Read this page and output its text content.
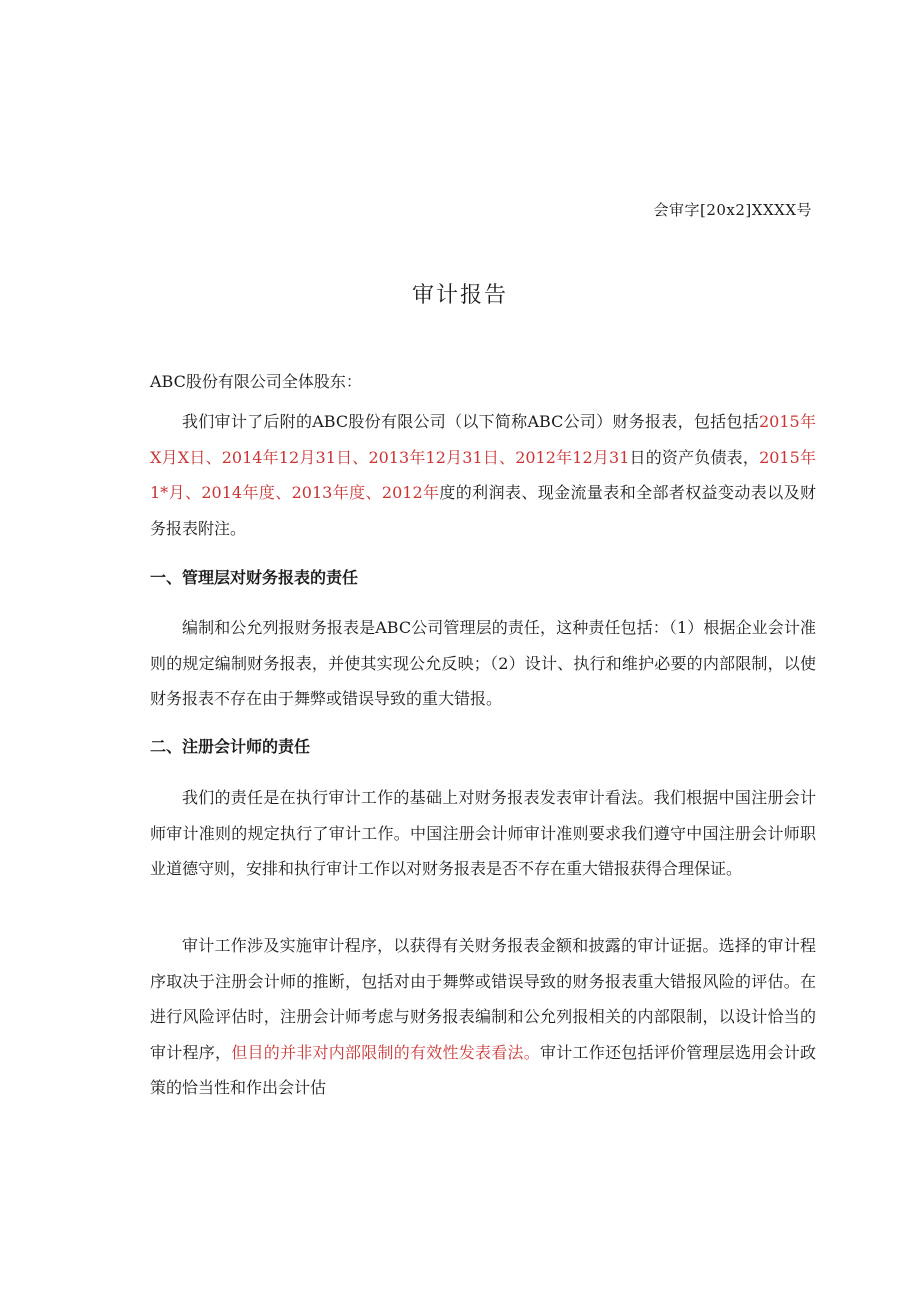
会审字[20x2]XXXX号
审计报告
ABC股份有限公司全体股东：

我们审计了后附的ABC股份有限公司（以下简称ABC公司）财务报表，包括包括2015年X月X日、2014年12月31日、2013年12月31日、2012年12月31日的资产负债表，2015年1*月、2014年度、2013年度、2012年度的利润表、现金流量表和全部者权益变动表以及财务报表附注。

一、管理层对财务报表的责任

编制和公允列报财务报表是ABC公司管理层的责任，这种责任包括：（1）根据企业会计准则的规定编制财务报表，并使其实现公允反映；（2）设计、执行和维护必要的内部限制，以使财务报表不存在由于舞弊或错误导致的重大错报。

二、注册会计师的责任

我们的责任是在执行审计工作的基础上对财务报表发表审计看法。我们根据中国注册会计师审计准则的规定执行了审计工作。中国注册会计师审计准则要求我们遵守中国注册会计师职业道德守则，安排和执行审计工作以对财务报表是否不存在重大错报获得合理保证。

审计工作涉及实施审计程序，以获得有关财务报表金额和披露的审计证据。选择的审计程序取决于注册会计师的推断，包括对由于舞弊或错误导致的财务报表重大错报风险的评估。在进行风险评估时，注册会计师考虑与财务报表编制和公允列报相关的内部限制，以设计恰当的审计程序，但目的并非对内部限制的有效性发表看法。审计工作还包括评价管理层选用会计政策的恰当性和作出会计估
